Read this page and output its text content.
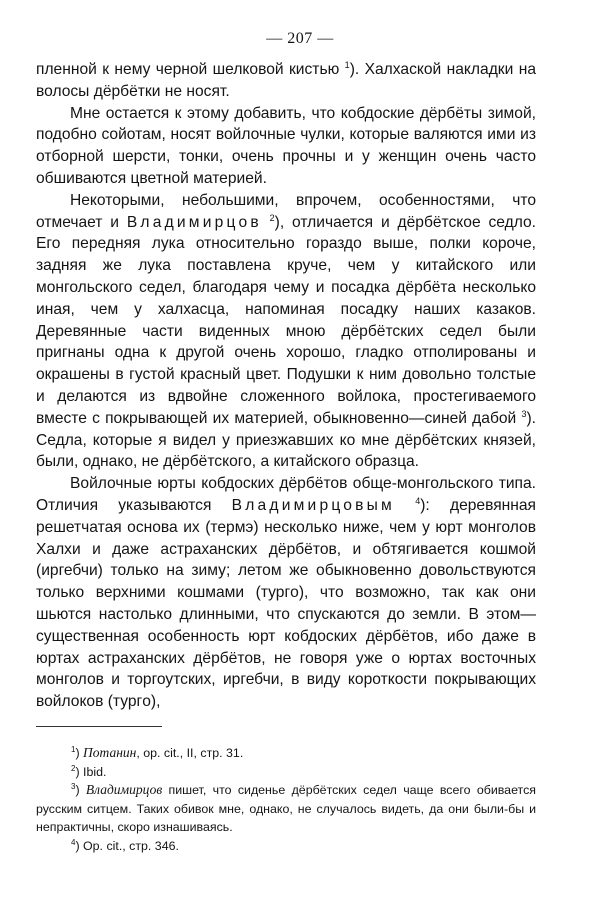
— 207 —

пленной к нему черной шелковой кистью $^1$). Халхаской накладки на волосы дёрбётки не носят.

Мне остается к этому добавить, что кобдоские дёрбёты зимой, подобно сойотам, носят войлочные чулки, которые валяются ими из отборной шерсти, тонки, очень прочны и у женщин очень часто обшиваются цветной материей.

Некоторыми, небольшими, впрочем, особенностями, что отмечает и Владимирцов $^2$), отличается и дёрбётское седло. Его передняя лука относительно гораздо выше, полки короче, задняя же лука поставлена круче, чем у китайского или монгольского седел, благодаря чему и посадка дёрбёта несколько иная, чем у халхасца, напоминая посадку наших казаков. Деревянные части виденных мною дёрбётских седел были пригнаны одна к другой очень хорошо, гладко отполированы и окрашены в густой красный цвет. Подушки к ним довольно толстые и делаются из вдвойне сложенного войлока, простегиваемого вместе с покрывающей их материей, обыкновенно—синей дабой $^3$). Седла, которые я видел у приезжавших ко мне дёрбётских князей, были, однако, не дёрбётского, а китайского образца.

Войлочные юрты кобдоских дёрбётов обще-монгольского типа. Отличия указываются Владимирцовым $^4$): деревянная решетчатая основа их (термэ) несколько ниже, чем у юрт монголов Халхи и даже астраханских дёрбётов, и обтягивается кошмой (иргебчи) только на зиму; летом же обыкновенно довольствуются только верхними кошмами (тургo), что возможно, так как они шьются настолько длинными, что спускаются до земли. В этом—существенная особенность юрт кобдоских дёрбётов, ибо даже в юртах астраханских дёрбётов, не говоря уже о юртах восточных монголов и торгоутских, иргебчи, в виду короткости покрывающих войлоков (тургo),

$^1$) Потанин, op. cit., II, стр. 31.

$^2$) Ibid.

$^3$) Владимирцов пишет, что сиденье дёрбётских седел чаще всего обивается русским ситцем. Таких обивок мне, однако, не случалось видеть, да они были-бы и непрактичны, скоро изнашиваясь.

$^4$) Op. cit., стр. 346.
